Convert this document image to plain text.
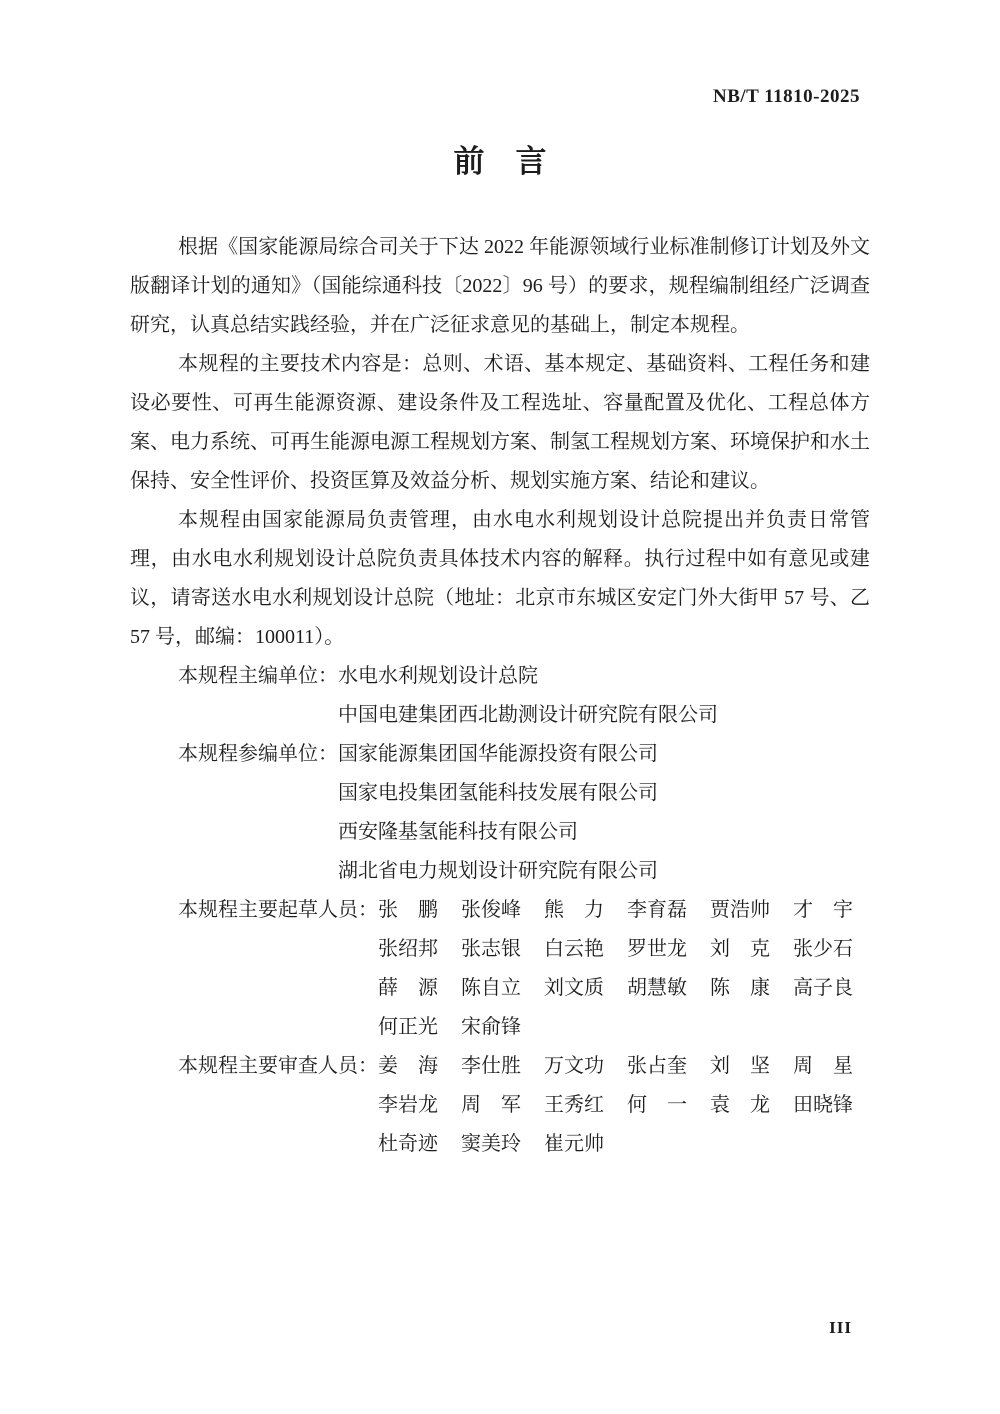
NB/T 11810-2025
前　言

根据《国家能源局综合司关于下达 2022 年能源领域行业标准制修订计划及外文版翻译计划的通知》（国能综通科技〔2022〕96 号）的要求，规程编制组经广泛调查研究，认真总结实践经验，并在广泛征求意见的基础上，制定本规程。

本规程的主要技术内容是：总则、术语、基本规定、基础资料、工程任务和建设必要性、可再生能源资源、建设条件及工程选址、容量配置及优化、工程总体方案、电力系统、可再生能源电源工程规划方案、制氢工程规划方案、环境保护和水土保持、安全性评价、投资匡算及效益分析、规划实施方案、结论和建议。

本规程由国家能源局负责管理，由水电水利规划设计总院提出并负责日常管理，由水电水利规划设计总院负责具体技术内容的解释。执行过程中如有意见或建议，请寄送水电水利规划设计总院（地址：北京市东城区安定门外大街甲 57 号、乙 57 号，邮编：100011）。

本规程主编单位： 水电水利规划设计总院
中国电建集团西北勘测设计研究院有限公司
本规程参编单位： 国家能源集团国华能源投资有限公司
国家电投集团氢能科技发展有限公司
西安隆基氢能科技有限公司
湖北省电力规划设计研究院有限公司
本规程主要起草人员： 张鹏 张俊峰 熊力 李育磊 贾浩帅 才宇
张绍邦 张志银 白云艳 罗世龙 刘克 张少石
薛源 陈自立 刘文质 胡慧敏 陈康 高子良
何正光 宋俞锋
本规程主要审查人员： 姜海 李仕胜 万文功 张占奎 刘坚 周星
李岩龙 周军 王秀红 何一 袁龙 田晓锋
杜奇迹 窦美玲 崔元帅
III
